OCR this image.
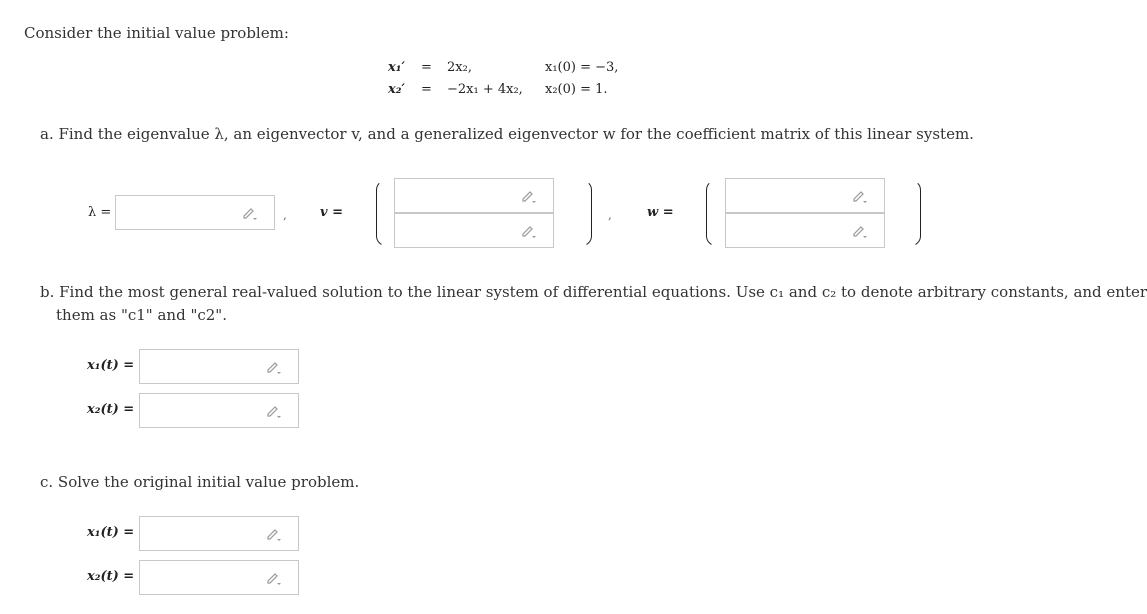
Consider the initial value problem:
x₁′ = 2x₂,	x₁(0) = −3,
x₂′ = −2x₁ + 4x₂, x₂(0) = 1.
a. Find the eigenvalue λ, an eigenvector v, and a generalized eigenvector w for the coefficient matrix of this linear system.
λ =	,	v =	,	w =
b. Find the most general real-valued solution to the linear system of differential equations. Use c₁ and c₂ to denote arbitrary constants, and enter
them as "c1" and "c2".
x₁(t) =
x₂(t) =
c. Solve the original initial value problem.
x₁(t) =
x₂(t) =
